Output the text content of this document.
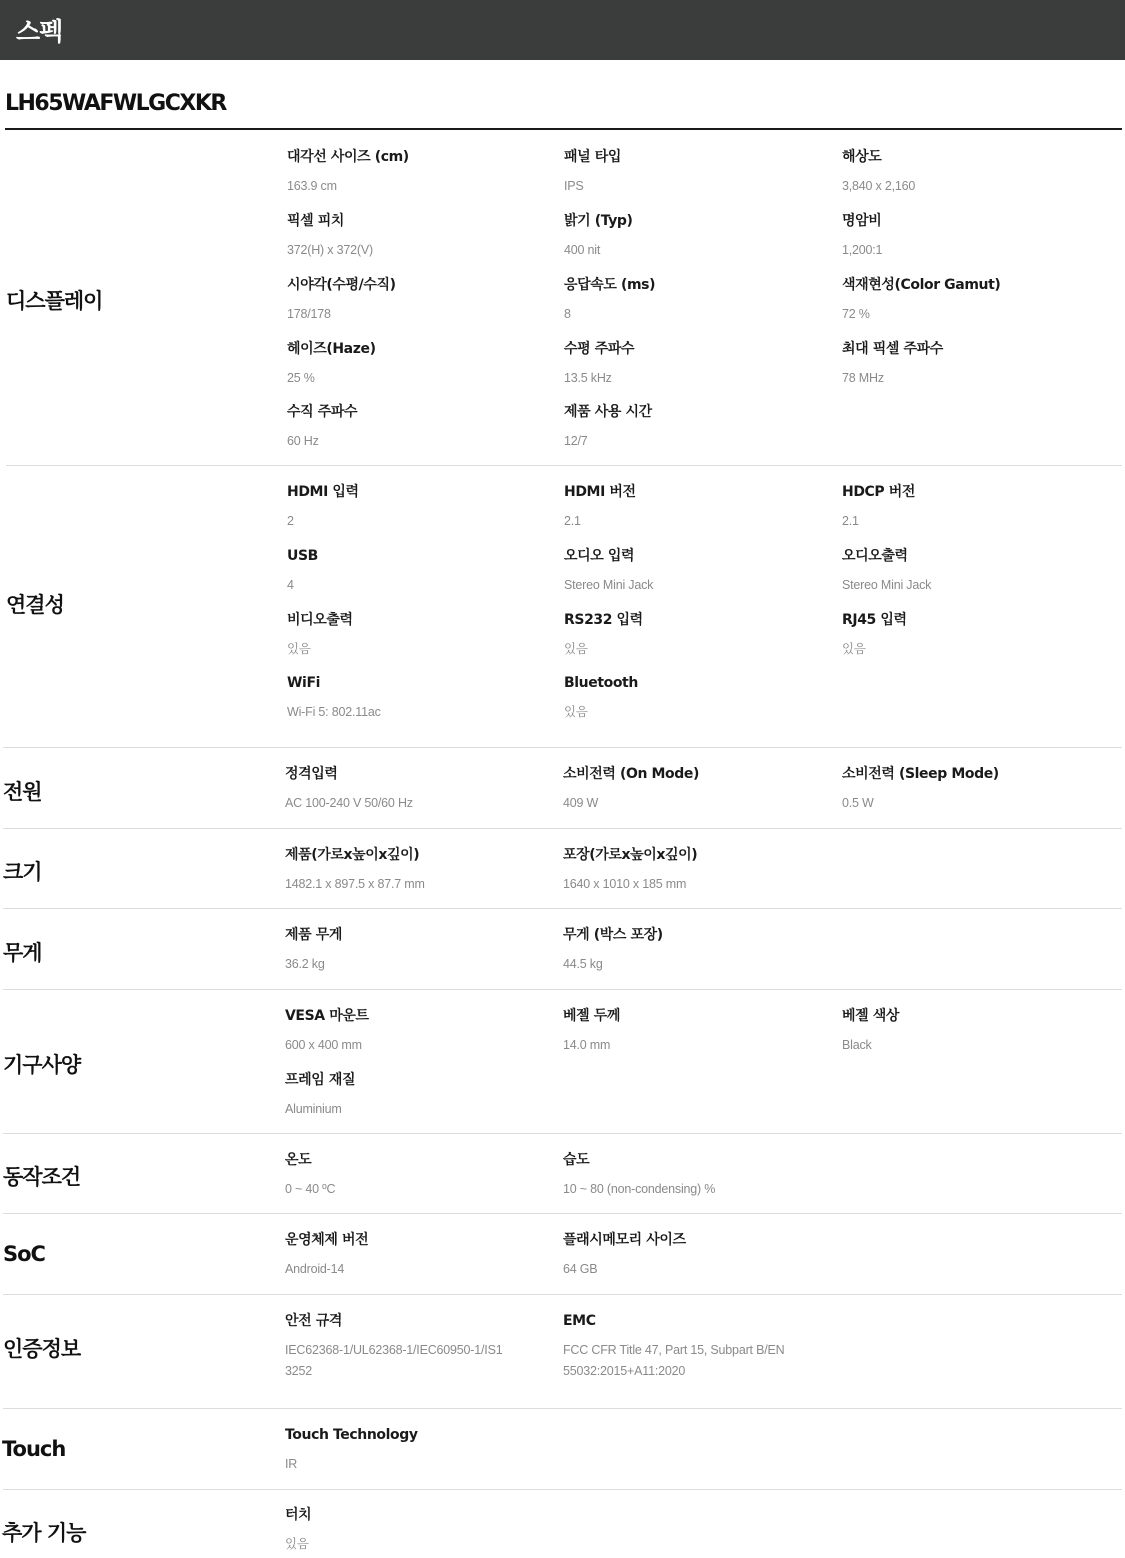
스펙
LH65WAFWLGCXKR
디스플레이
대각선 사이즈 (cm)
163.9 cm
패널 타입
IPS
해상도
3,840 x 2,160
픽셀 피치
372(H) x 372(V)
밝기 (Typ)
400 nit
명암비
1,200:1
시야각(수평/수직)
178/178
응답속도 (ms)
8
색재현성(Color Gamut)
72 %
헤이즈(Haze)
25 %
수평 주파수
13.5 kHz
최대 픽셀 주파수
78 MHz
수직 주파수
60 Hz
제품 사용 시간
12/7
연결성
HDMI 입력
2
HDMI 버전
2.1
HDCP 버전
2.1
USB
4
오디오 입력
Stereo Mini Jack
오디오출력
Stereo Mini Jack
비디오출력
있음
RS232 입력
있음
RJ45 입력
있음
WiFi
Wi-Fi 5: 802.11ac
Bluetooth
있음
전원
정격입력
AC 100-240 V 50/60 Hz
소비전력 (On Mode)
409 W
소비전력 (Sleep Mode)
0.5 W
크기
제품(가로x높이x깊이)
1482.1 x 897.5 x 87.7 mm
포장(가로x높이x깊이)
1640 x 1010 x 185 mm
무게
제품 무게
36.2 kg
무게 (박스 포장)
44.5 kg
기구사양
VESA 마운트
600 x 400 mm
베젤 두께
14.0 mm
베젤 색상
Black
프레임 재질
Aluminium
동작조건
온도
0 ~ 40 ºC
습도
10 ~ 80 (non-condensing) %
SoC
운영체제 버전
Android-14
플래시메모리 사이즈
64 GB
인증정보
안전 규격
IEC62368-1/UL62368-1/IEC60950-1/IS13252
EMC
FCC CFR Title 47, Part 15, Subpart B/EN55032:2015+A11:2020
Touch
Touch Technology
IR
추가 기능
터치
있음
